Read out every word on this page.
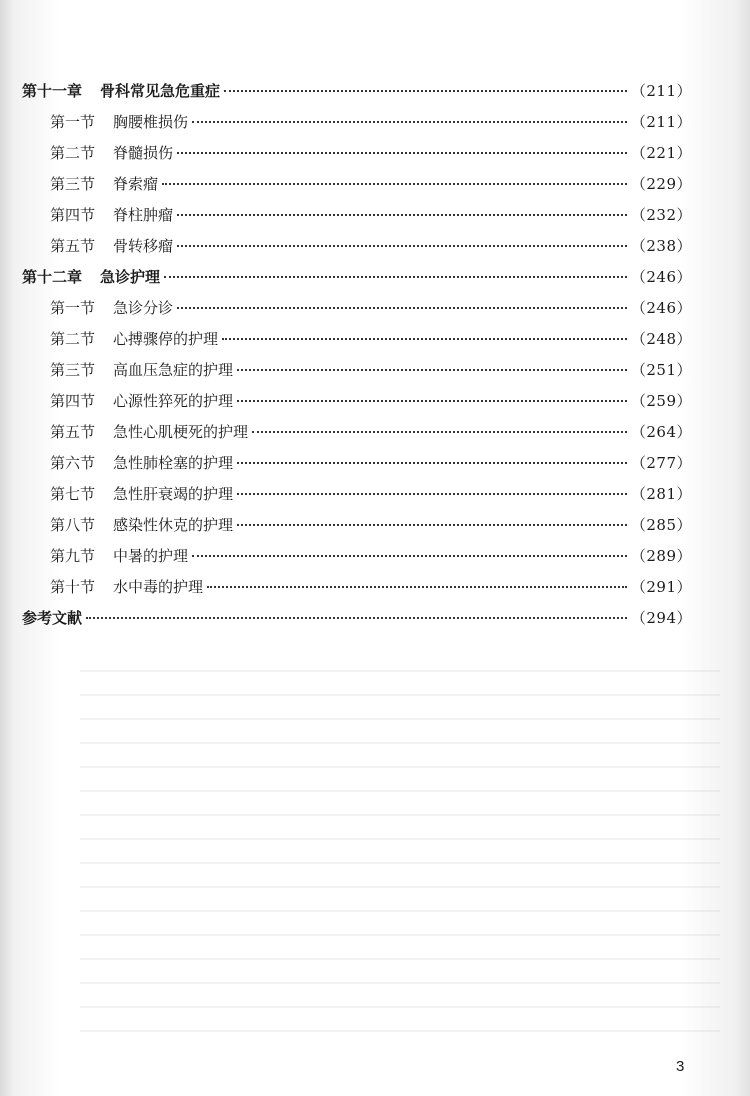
第十一章 骨科常见急危重症	（211）
第一节 胸腰椎损伤	（211）
第二节 脊髓损伤	（221）
第三节 脊索瘤	（229）
第四节 脊柱肿瘤	（232）
第五节 骨转移瘤	（238）
第十二章 急诊护理	（246）
第一节 急诊分诊	（246）
第二节 心搏骤停的护理	（248）
第三节 高血压急症的护理	（251）
第四节 心源性猝死的护理	（259）
第五节 急性心肌梗死的护理	（264）
第六节 急性肺栓塞的护理	（277）
第七节 急性肝衰竭的护理	（281）
第八节 感染性休克的护理	（285）
第九节 中暑的护理	（289）
第十节 水中毒的护理	（291）
参考文献	（294）
3
